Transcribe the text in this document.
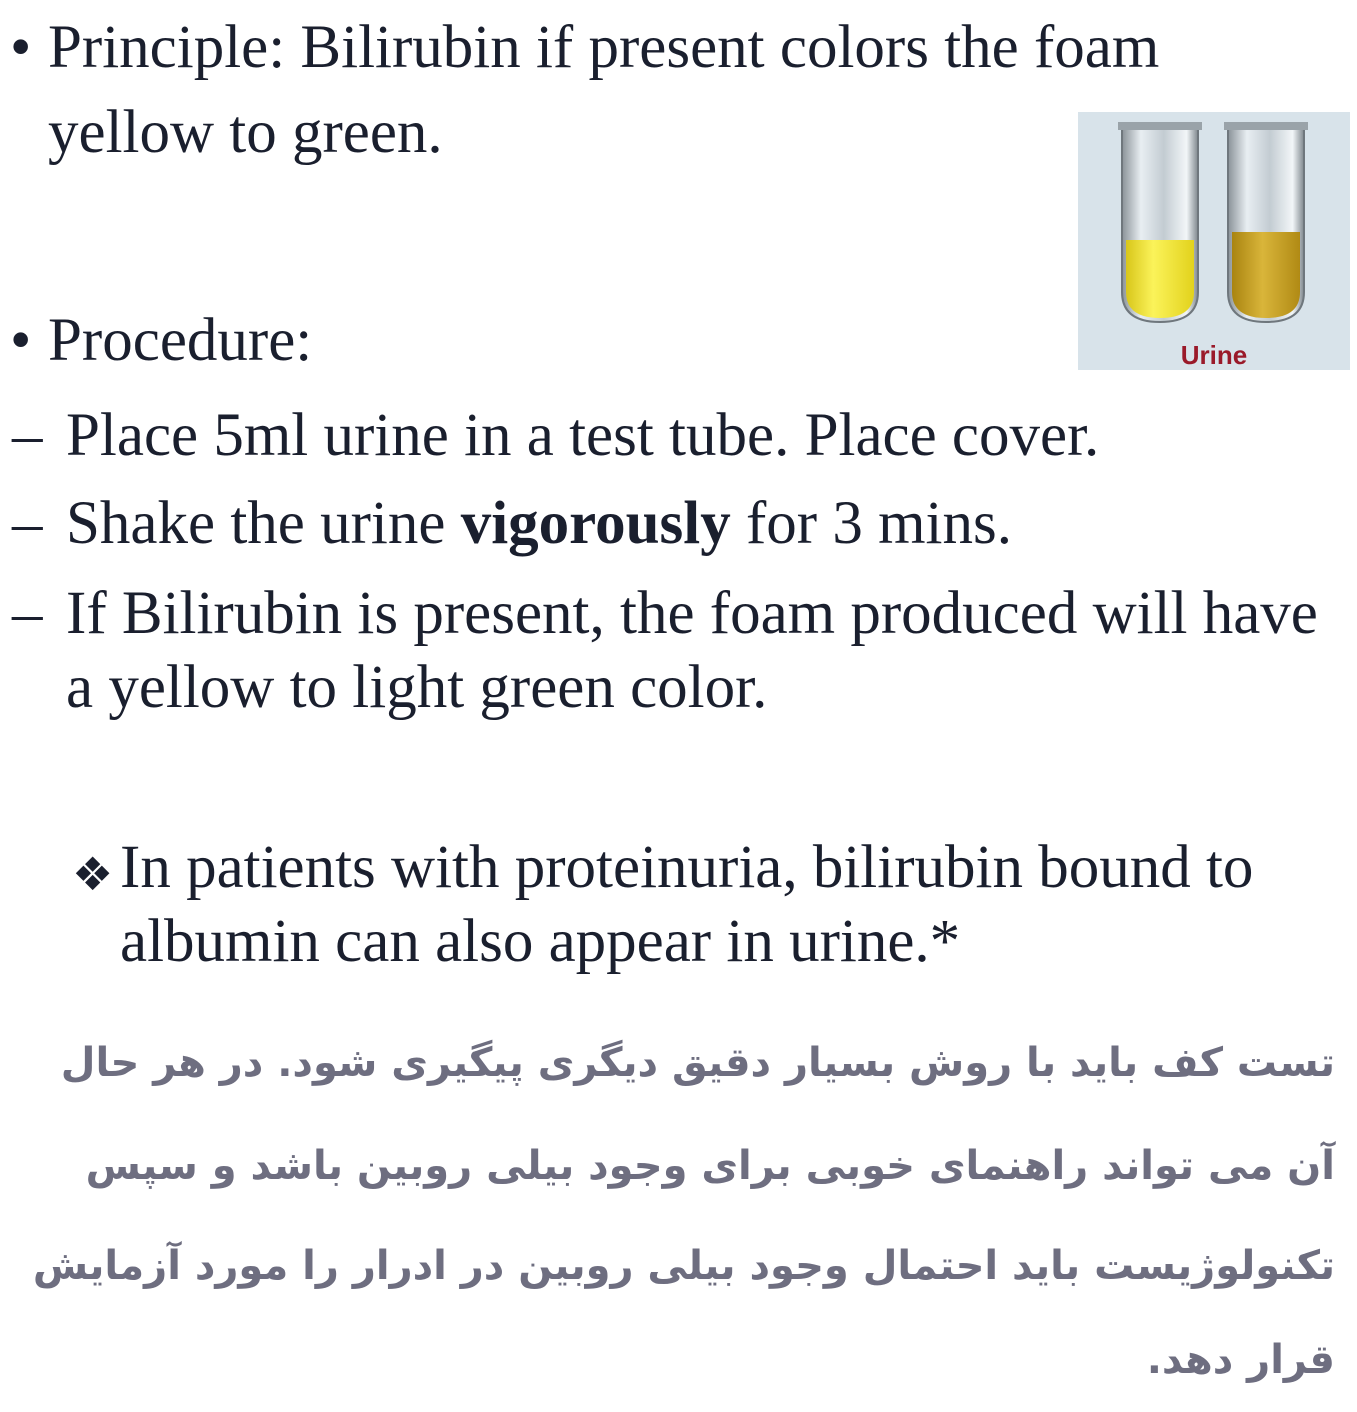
• Principle: Bilirubin if present colors the foam
yellow to green.
Urine
• Procedure:
– Place 5ml urine in a test tube. Place cover.
– Shake the urine vigorously for 3 mins.
– If Bilirubin is present, the foam produced will have
a yellow to light green color.
❖ In patients with proteinuria, bilirubin bound to
albumin can also appear in urine.*
تست کف باید با روش بسیار دقیق دیگری پیگیری شود. در هر حال
آن می تواند راهنمای خوبی برای وجود بیلی روبین باشد و سپس
تکنولوژیست باید احتمال وجود بیلی روبین در ادرار را مورد آزمایش
قرار دهد.
